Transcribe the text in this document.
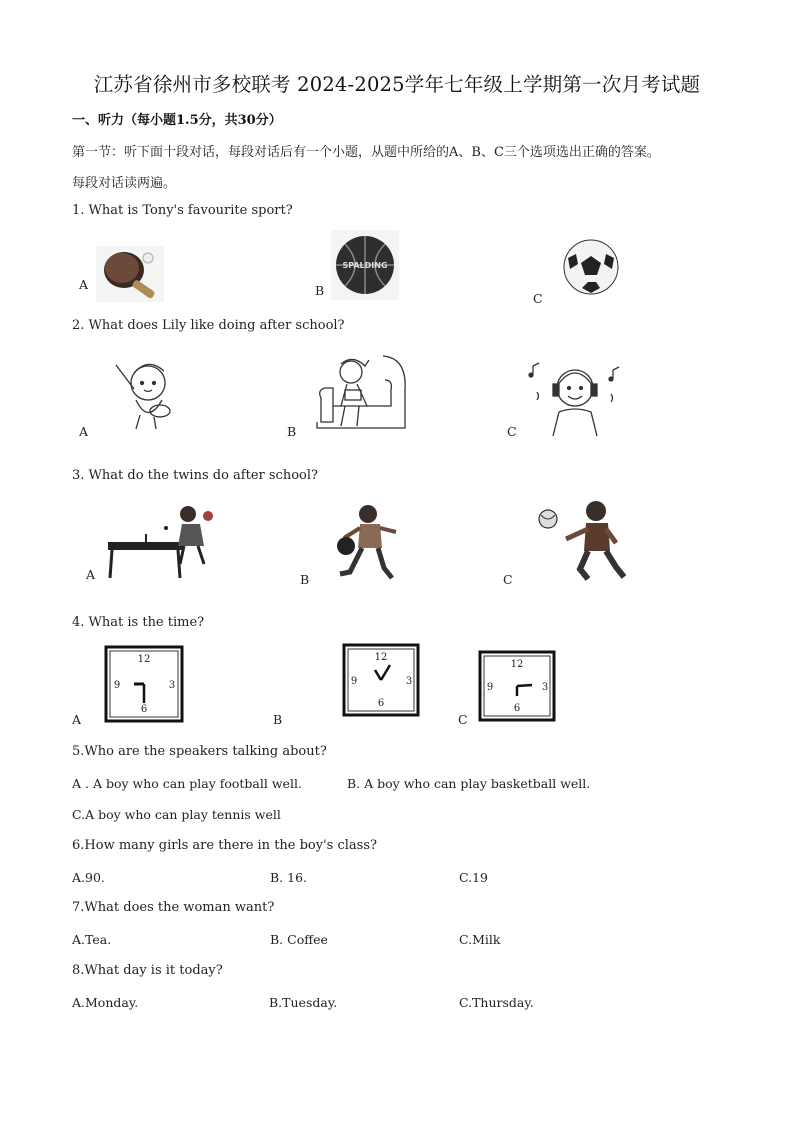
江苏省徐州市多校联考 2024-2025学年七年级上学期第一次月考试题
一、听力（每小题1.5分，共30分）
第一节：听下面十段对话，每段对话后有一个小题，从题中所给的A、B、C三个选项选出正确的答案。
每段对话读两遍。
1. What is Tony's favourite sport?
A	B
SPALDING
C
2. What does Lily like doing after school?
A	B	C
3. What do the twins do after school?
A	B	C
4. What is the time?
A
12
3
6
9
B
12
3
6
9
C
12
3
6
9
5.Who are the speakers talking about?
A . A boy who can play football well.	B. A boy who can play basketball well.
C.A boy who can play tennis well
6.How many girls are there in the boy's class?
A.90.	B. 16.	C.19
7.What does the woman want?
A.Tea.	B. Coffee	C.Milk
8.What day is it today?
A.Monday.	B.Tuesday.	C.Thursday.
